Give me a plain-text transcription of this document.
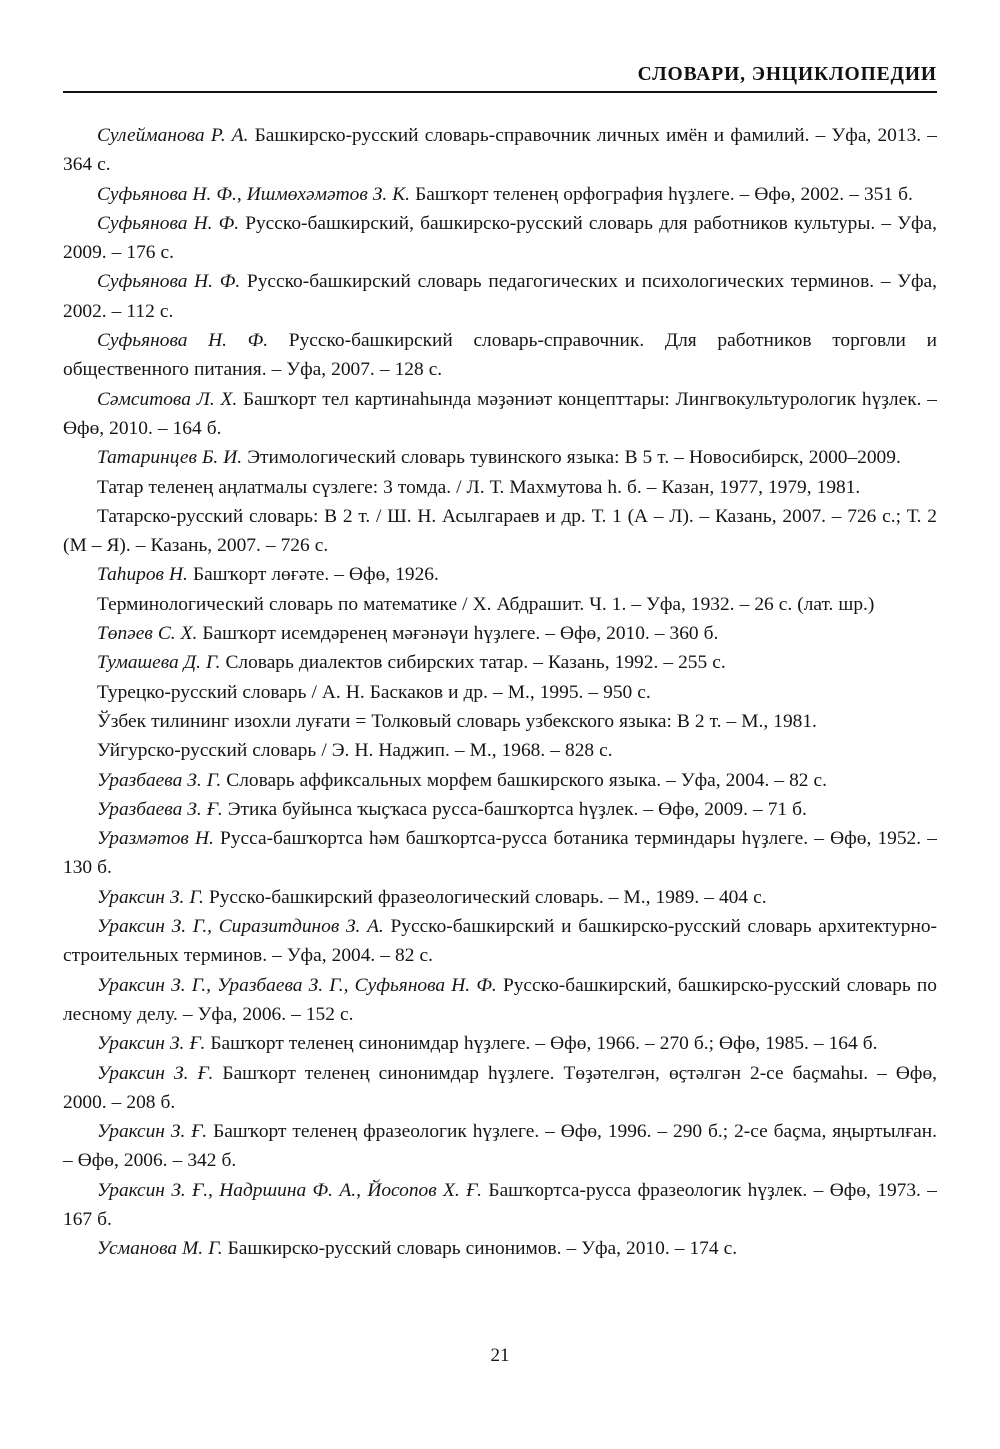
СЛОВАРИ, ЭНЦИКЛОПЕДИИ

Сулейманова Р. А. Башкирско-русский словарь-справочник личных имён и фамилий. – Уфа, 2013. – 364 с.

Суфьянова Н. Ф., Ишмөхәмәтов З. К. Башҡорт теленең орфография һүҙлеге. – Өфө, 2002. – 351 б.

Суфьянова Н. Ф. Русско-башкирский, башкирско-русский словарь для работников культуры. – Уфа, 2009. – 176 с.

Суфьянова Н. Ф. Русско-башкирский словарь педагогических и психологических терминов. – Уфа, 2002. – 112 с.

Суфьянова Н. Ф. Русско-башкирский словарь-справочник. Для работников торговли и общественного питания. – Уфа, 2007. – 128 с.

Сәмситова Л. Х. Башҡорт тел картинаһында мәҙәниәт концепттары: Лингвокультурологик һүҙлек. – Өфө, 2010. – 164 б.

Татаринцев Б. И. Этимологический словарь тувинского языка: В 5 т. – Новосибирск, 2000–2009.

Татар теленең аңлатмалы сүзлеге: 3 томда. / Л. Т. Махмутова һ. б. – Казан, 1977, 1979, 1981.

Татарско-русский словарь: В 2 т. / Ш. Н. Асылгараев и др. Т. 1 (А – Л). – Казань, 2007. – 726 с.; Т. 2 (М – Я). – Казань, 2007. – 726 с.

Таһиров Н. Башҡорт лөғәте. – Өфө, 1926.

Терминологический словарь по математике / Х. Абдрашит. Ч. 1. – Уфа, 1932. – 26 с. (лат. шр.)

Төпәев С. Х. Башҡорт исемдәренең мәғәнәүи һүҙлеге. – Өфө, 2010. – 360 б.

Тумашева Д. Г. Словарь диалектов сибирских татар. – Казань, 1992. – 255 с.

Турецко-русский словарь / А. Н. Баскаков и др. – М., 1995. – 950 с.

Ўзбек тилининг изохли луғати = Толковый словарь узбекского языка: В 2 т. – М., 1981.

Уйгурско-русский словарь / Э. Н. Наджип. – М., 1968. – 828 с.

Уразбаева З. Г. Словарь аффиксальных морфем башкирского языка. – Уфа, 2004. – 82 с.

Уразбаева З. Ғ. Этика буйынса ҡыҫҡаса русса-башҡортса һүҙлек. – Өфө, 2009. – 71 б.

Уразмәтов Н. Русса-башҡортса һәм башҡортса-русса ботаника терминдары һүҙлеге. – Өфө, 1952. – 130 б.

Ураксин З. Г. Русско-башкирский фразеологический словарь. – М., 1989. – 404 с.

Ураксин З. Г., Сиразитдинов З. А. Русско-башкирский и башкирско-русский словарь архитектурно-строительных терминов. – Уфа, 2004. – 82 с.

Ураксин З. Г., Уразбаева З. Г., Суфьянова Н. Ф. Русско-башкирский, башкирско-русский словарь по лесному делу. – Уфа, 2006. – 152 с.

Ураксин З. Ғ. Башҡорт теленең синонимдар һүҙлеге. – Өфө, 1966. – 270 б.; Өфө, 1985. – 164 б.

Ураксин З. Ғ. Башҡорт теленең синонимдар һүҙлеге. Төҙәтелгән, өҫтәлгән 2-се баҫмаһы. – Өфө, 2000. – 208 б.

Ураксин З. Ғ. Башҡорт теленең фразеологик һүҙлеге. – Өфө, 1996. – 290 б.; 2-се баҫма, яңыртылған. – Өфө, 2006. – 342 б.

Ураксин З. Ғ., Надршина Ф. А., Йосопов Х. Ғ. Башҡортса-русса фразеологик һүҙлек. – Өфө, 1973. – 167 б.

Усманова М. Г. Башкирско-русский словарь синонимов. – Уфа, 2010. – 174 с.

21
